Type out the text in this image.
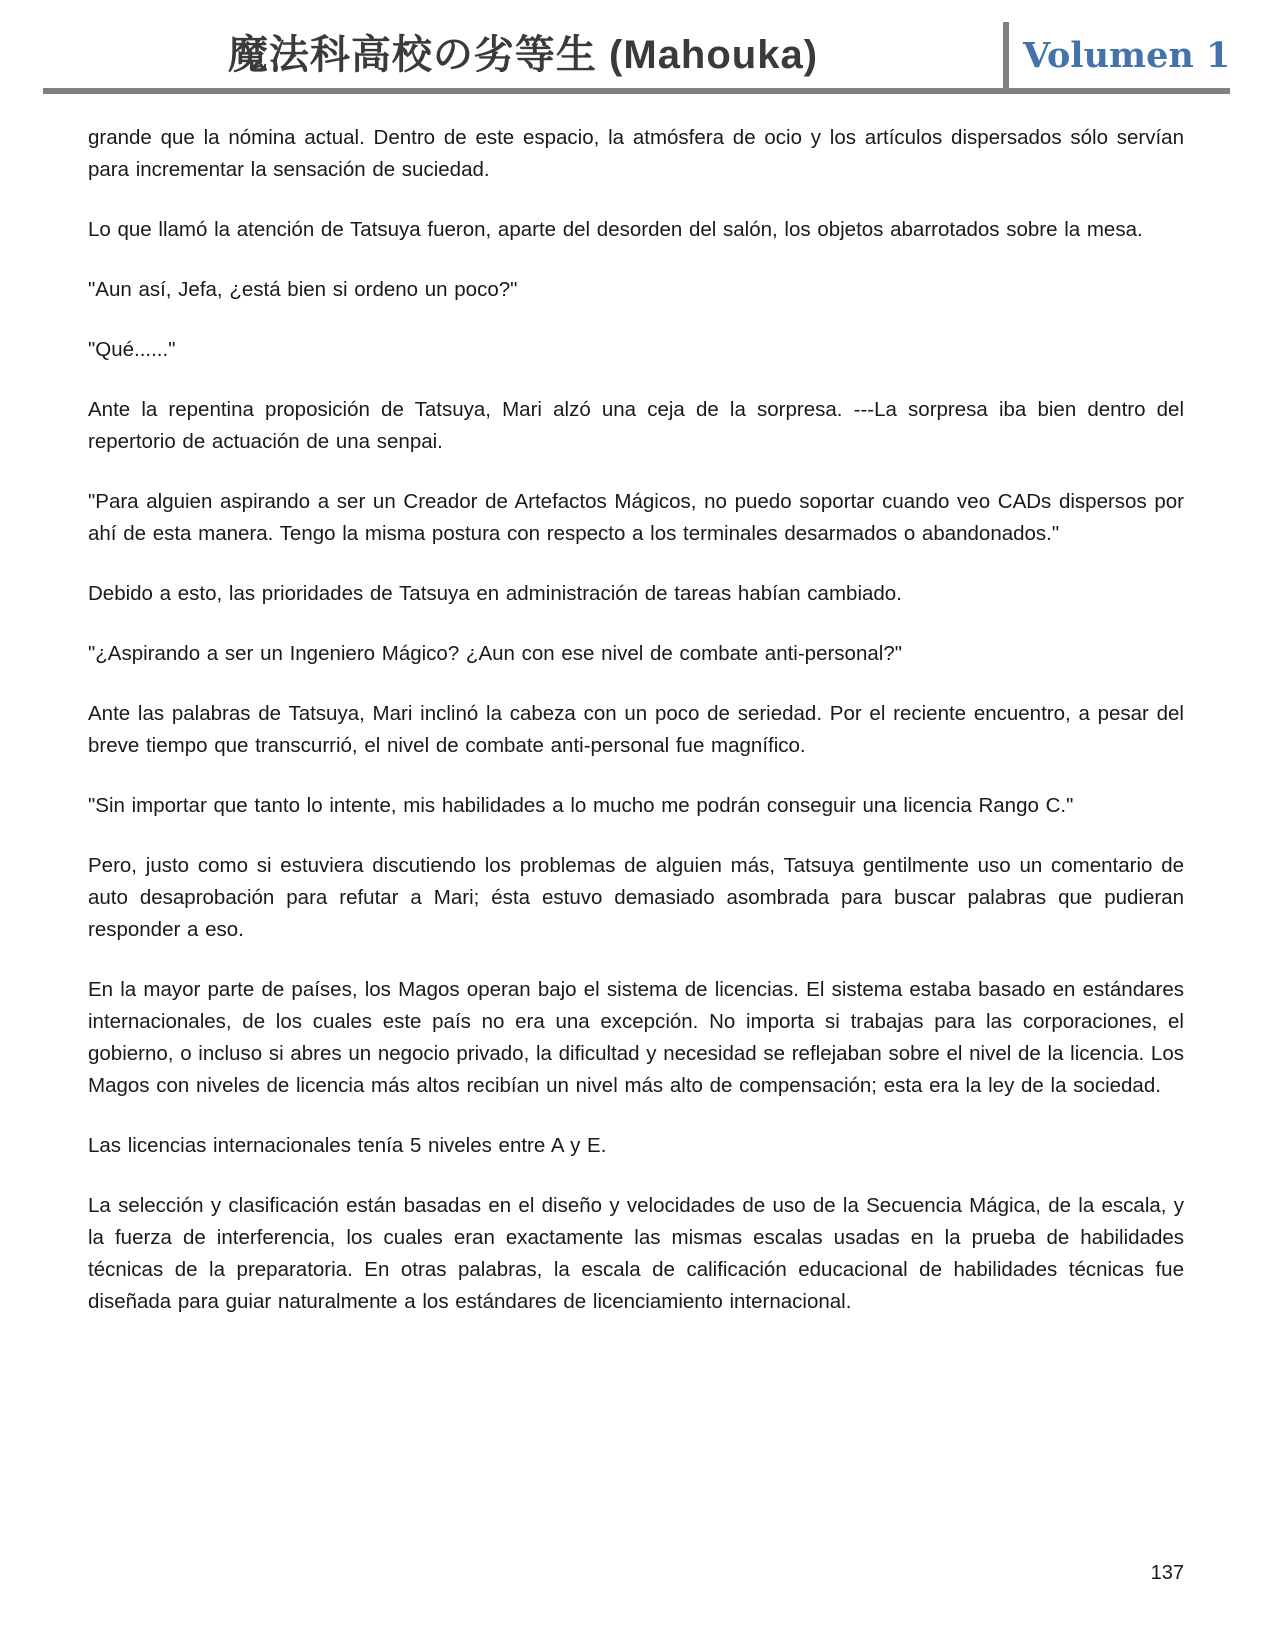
魔法科高校の劣等生 (Mahouka)	Volumen 1

grande que la nómina actual. Dentro de este espacio, la atmósfera de ocio y los artículos dispersados sólo servían para incrementar la sensación de suciedad.

Lo que llamó la atención de Tatsuya fueron, aparte del desorden del salón, los objetos abarrotados sobre la mesa.

"Aun así, Jefa, ¿está bien si ordeno un poco?"

"Qué......"

Ante la repentina proposición de Tatsuya, Mari alzó una ceja de la sorpresa. ---La sorpresa iba bien dentro del repertorio de actuación de una senpai.

"Para alguien aspirando a ser un Creador de Artefactos Mágicos, no puedo soportar cuando veo CADs dispersos por ahí de esta manera. Tengo la misma postura con respecto a los terminales desarmados o abandonados."

Debido a esto, las prioridades de Tatsuya en administración de tareas habían cambiado.

"¿Aspirando a ser un Ingeniero Mágico? ¿Aun con ese nivel de combate anti-personal?"

Ante las palabras de Tatsuya, Mari inclinó la cabeza con un poco de seriedad. Por el reciente encuentro, a pesar del breve tiempo que transcurrió, el nivel de combate anti-personal fue magnífico.

"Sin importar que tanto lo intente, mis habilidades a lo mucho me podrán conseguir una licencia Rango C."

Pero, justo como si estuviera discutiendo los problemas de alguien más, Tatsuya gentilmente uso un comentario de auto desaprobación para refutar a Mari; ésta estuvo demasiado asombrada para buscar palabras que pudieran responder a eso.

En la mayor parte de países, los Magos operan bajo el sistema de licencias. El sistema estaba basado en estándares internacionales, de los cuales este país no era una excepción. No importa si trabajas para las corporaciones, el gobierno, o incluso si abres un negocio privado, la dificultad y necesidad se reflejaban sobre el nivel de la licencia. Los Magos con niveles de licencia más altos recibían un nivel más alto de compensación; esta era la ley de la sociedad.

Las licencias internacionales tenía 5 niveles entre A y E.

La selección y clasificación están basadas en el diseño y velocidades de uso de la Secuencia Mágica, de la escala, y la fuerza de interferencia, los cuales eran exactamente las mismas escalas usadas en la prueba de habilidades técnicas de la preparatoria. En otras palabras, la escala de calificación educacional de habilidades técnicas fue diseñada para guiar naturalmente a los estándares de licenciamiento internacional.

137
